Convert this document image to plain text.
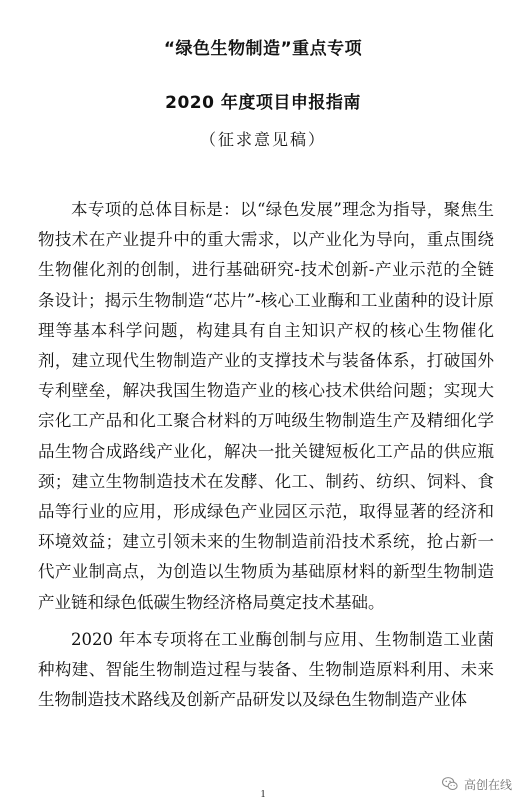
“绿色生物制造”重点专项
2020 年度项目申报指南
（征求意见稿）

本专项的总体目标是：以“绿色发展”理念为指导，聚焦生物技术在产业提升中的重大需求，以产业化为导向，重点围绕生物催化剂的创制，进行基础研究-技术创新-产业示范的全链条设计；揭示生物制造“芯片”-核心工业酶和工业菌种的设计原理等基本科学问题，构建具有自主知识产权的核心生物催化剂，建立现代生物制造产业的支撑技术与装备体系，打破国外专利壁垒，解决我国生物造产业的核心技术供给问题；实现大宗化工产品和化工聚合材料的万吨级生物制造生产及精细化学品生物合成路线产业化，解决一批关键短板化工产品的供应瓶颈；建立生物制造技术在发酵、化工、制药、纺织、饲料、食品等行业的应用，形成绿色产业园区示范，取得显著的经济和环境效益；建立引领未来的生物制造前沿技术系统，抢占新一代产业制高点，为创造以生物质为基础原材料的新型生物制造产业链和绿色低碳生物经济格局奠定技术基础。

2020 年本专项将在工业酶创制与应用、生物制造工业菌种构建、智能生物制造过程与装备、生物制造原料利用、未来生物制造技术路线及创新产品研发以及绿色生物制造产业体

1
高创在线
